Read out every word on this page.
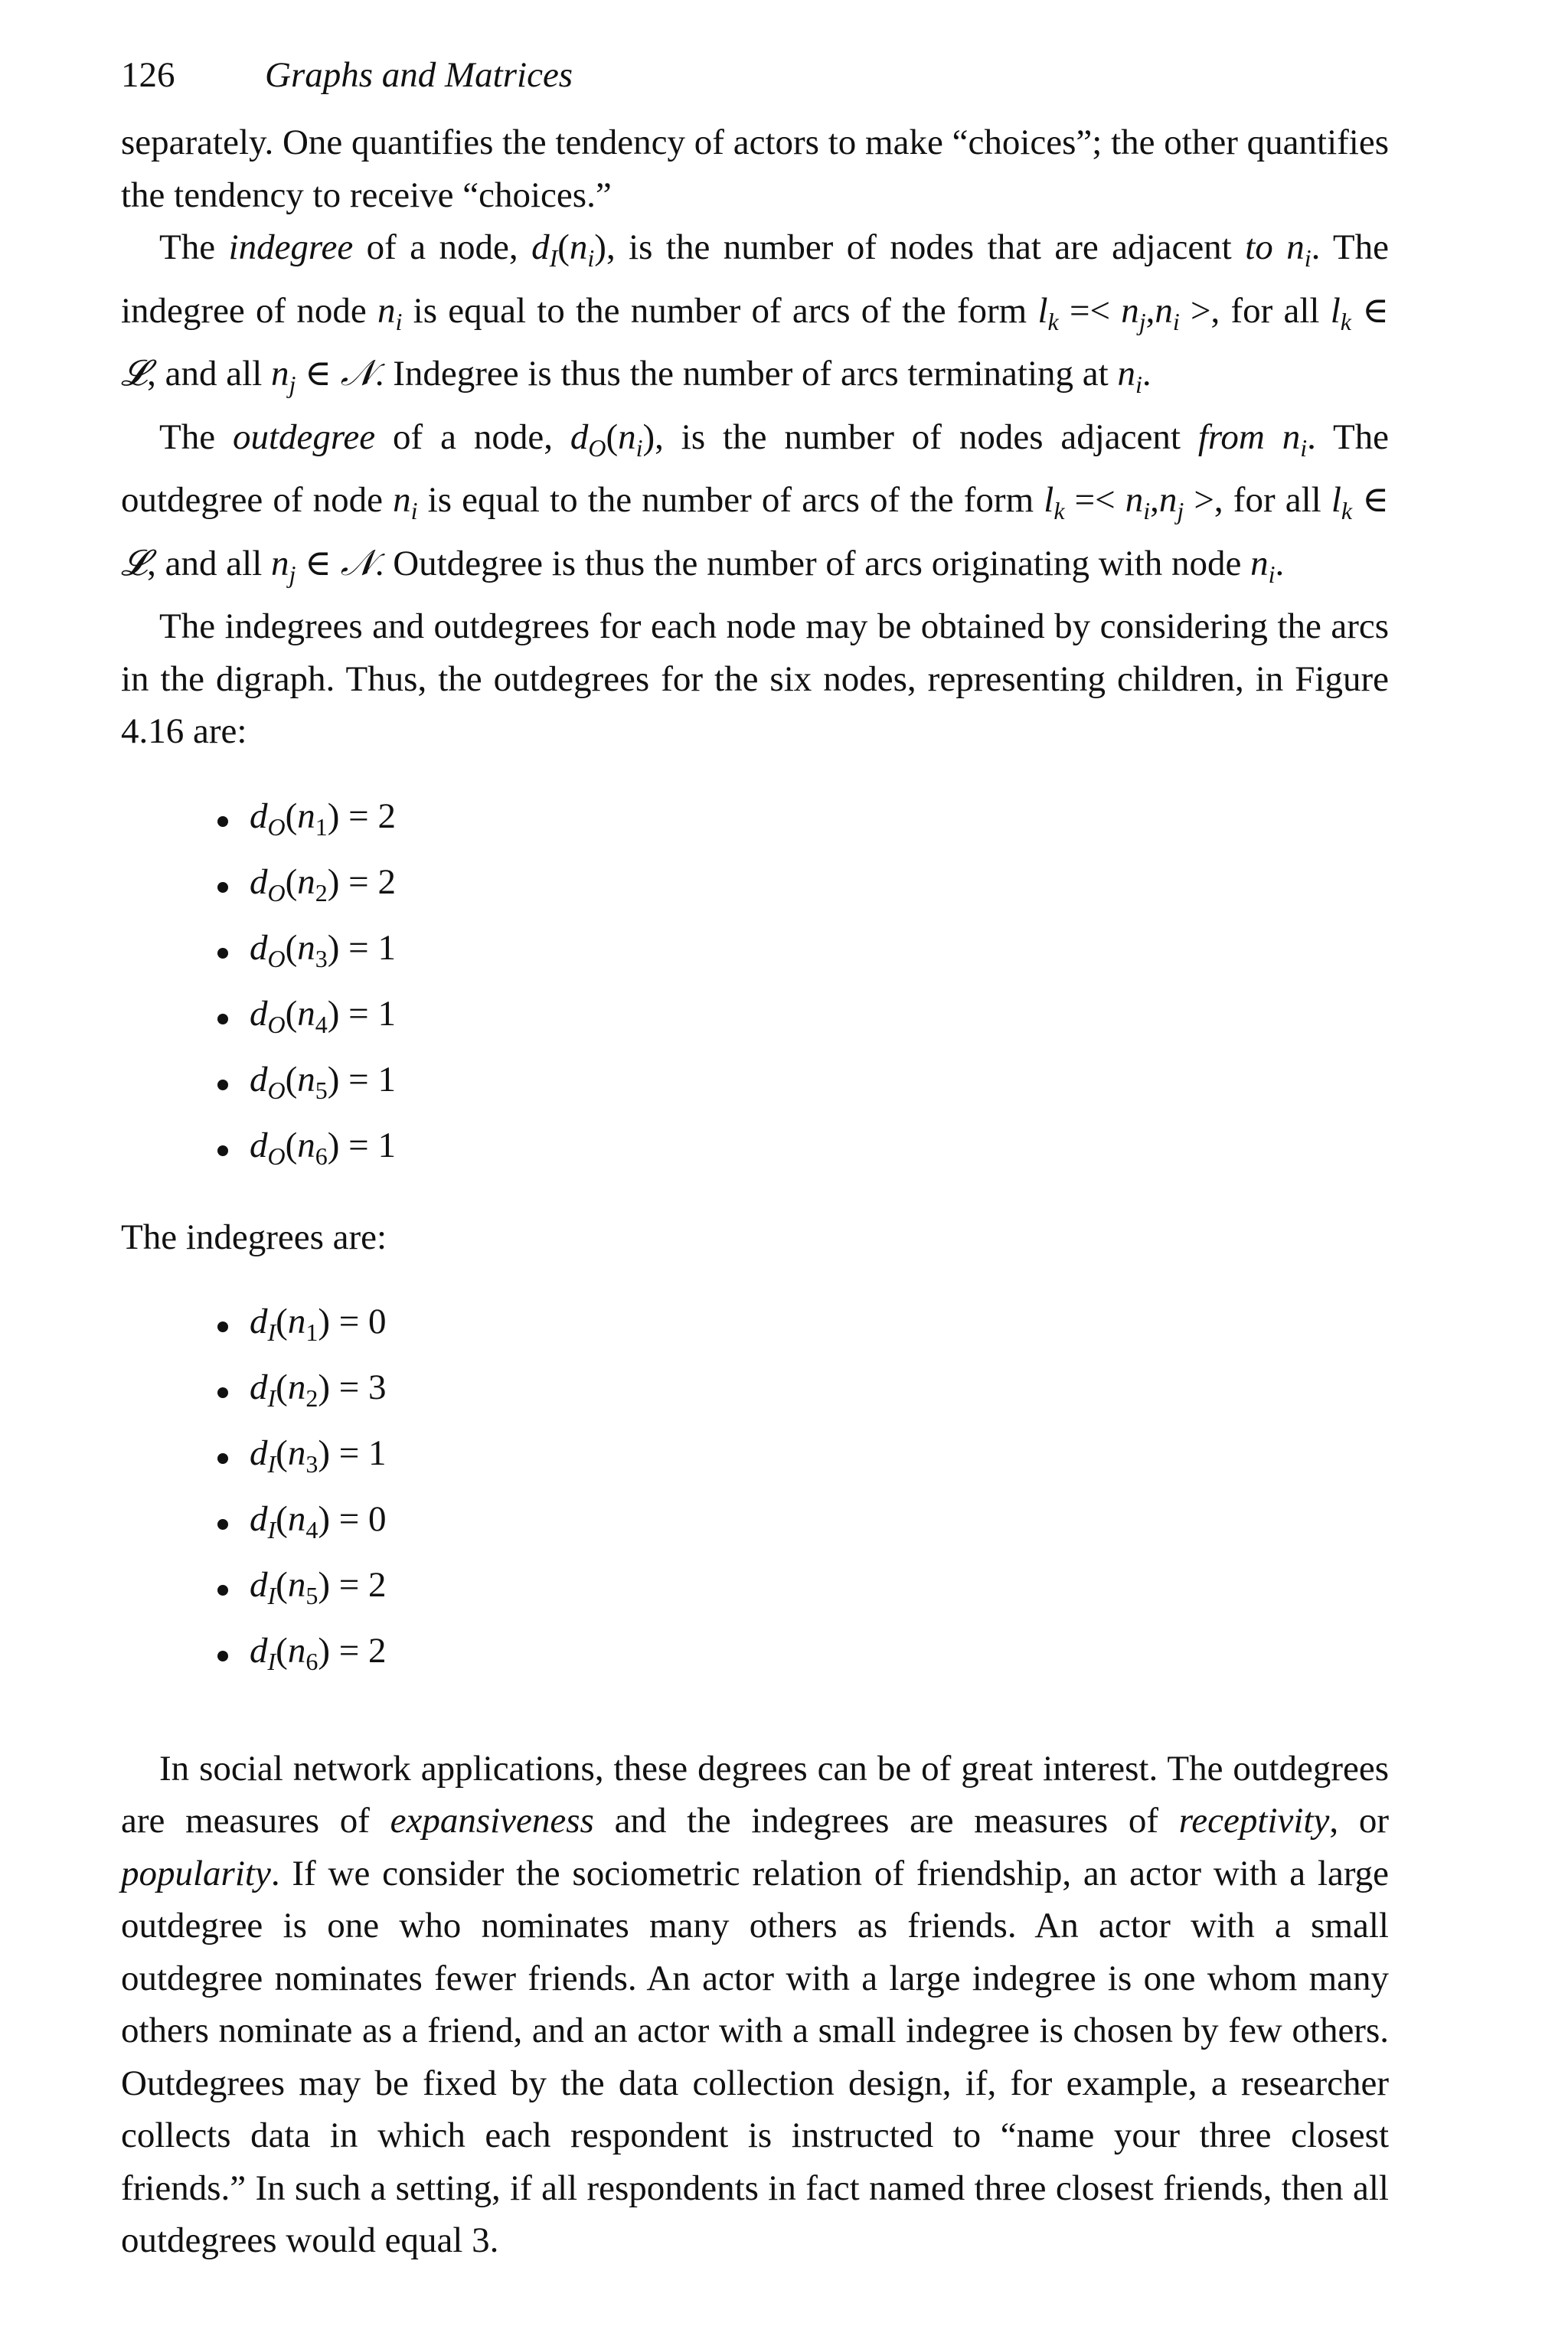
126	Graphs and Matrices

separately. One quantifies the tendency of actors to make “choices”; the other quantifies the tendency to receive “choices.”

The indegree of a node, $d_I(n_i)$, is the number of nodes that are adjacent to $n_i$. The indegree of node $n_i$ is equal to the number of arcs of the form $l_k =< n_j,n_i$ >, for all $l_k$ ∈ 𝓛, and all $n_j$ ∈ 𝒩. Indegree is thus the number of arcs terminating at $n_i$.

The outdegree of a node, $d_O(n_i)$, is the number of nodes adjacent from $n_i$. The outdegree of node $n_i$ is equal to the number of arcs of the form $l_k =< n_i,n_j$ >, for all $l_k$ ∈ 𝓛, and all $n_j$ ∈ 𝒩. Outdegree is thus the number of arcs originating with node $n_i$.

The indegrees and outdegrees for each node may be obtained by considering the arcs in the digraph. Thus, the outdegrees for the six nodes, representing children, in Figure 4.16 are:

$d_O(n_1) = 2$
$d_O(n_2) = 2$
$d_O(n_3) = 1$
$d_O(n_4) = 1$
$d_O(n_5) = 1$
$d_O(n_6) = 1$
The indegrees are:
$d_I(n_1) = 0$
$d_I(n_2) = 3$
$d_I(n_3) = 1$
$d_I(n_4) = 0$
$d_I(n_5) = 2$
$d_I(n_6) = 2$

In social network applications, these degrees can be of great interest. The outdegrees are measures of expansiveness and the indegrees are measures of receptivity, or popularity. If we consider the sociometric relation of friendship, an actor with a large outdegree is one who nominates many others as friends. An actor with a small outdegree nominates fewer friends. An actor with a large indegree is one whom many others nominate as a friend, and an actor with a small indegree is chosen by few others. Outdegrees may be fixed by the data collection design, if, for example, a researcher collects data in which each respondent is instructed to “name your three closest friends.” In such a setting, if all respondents in fact named three closest friends, then all outdegrees would equal 3.
